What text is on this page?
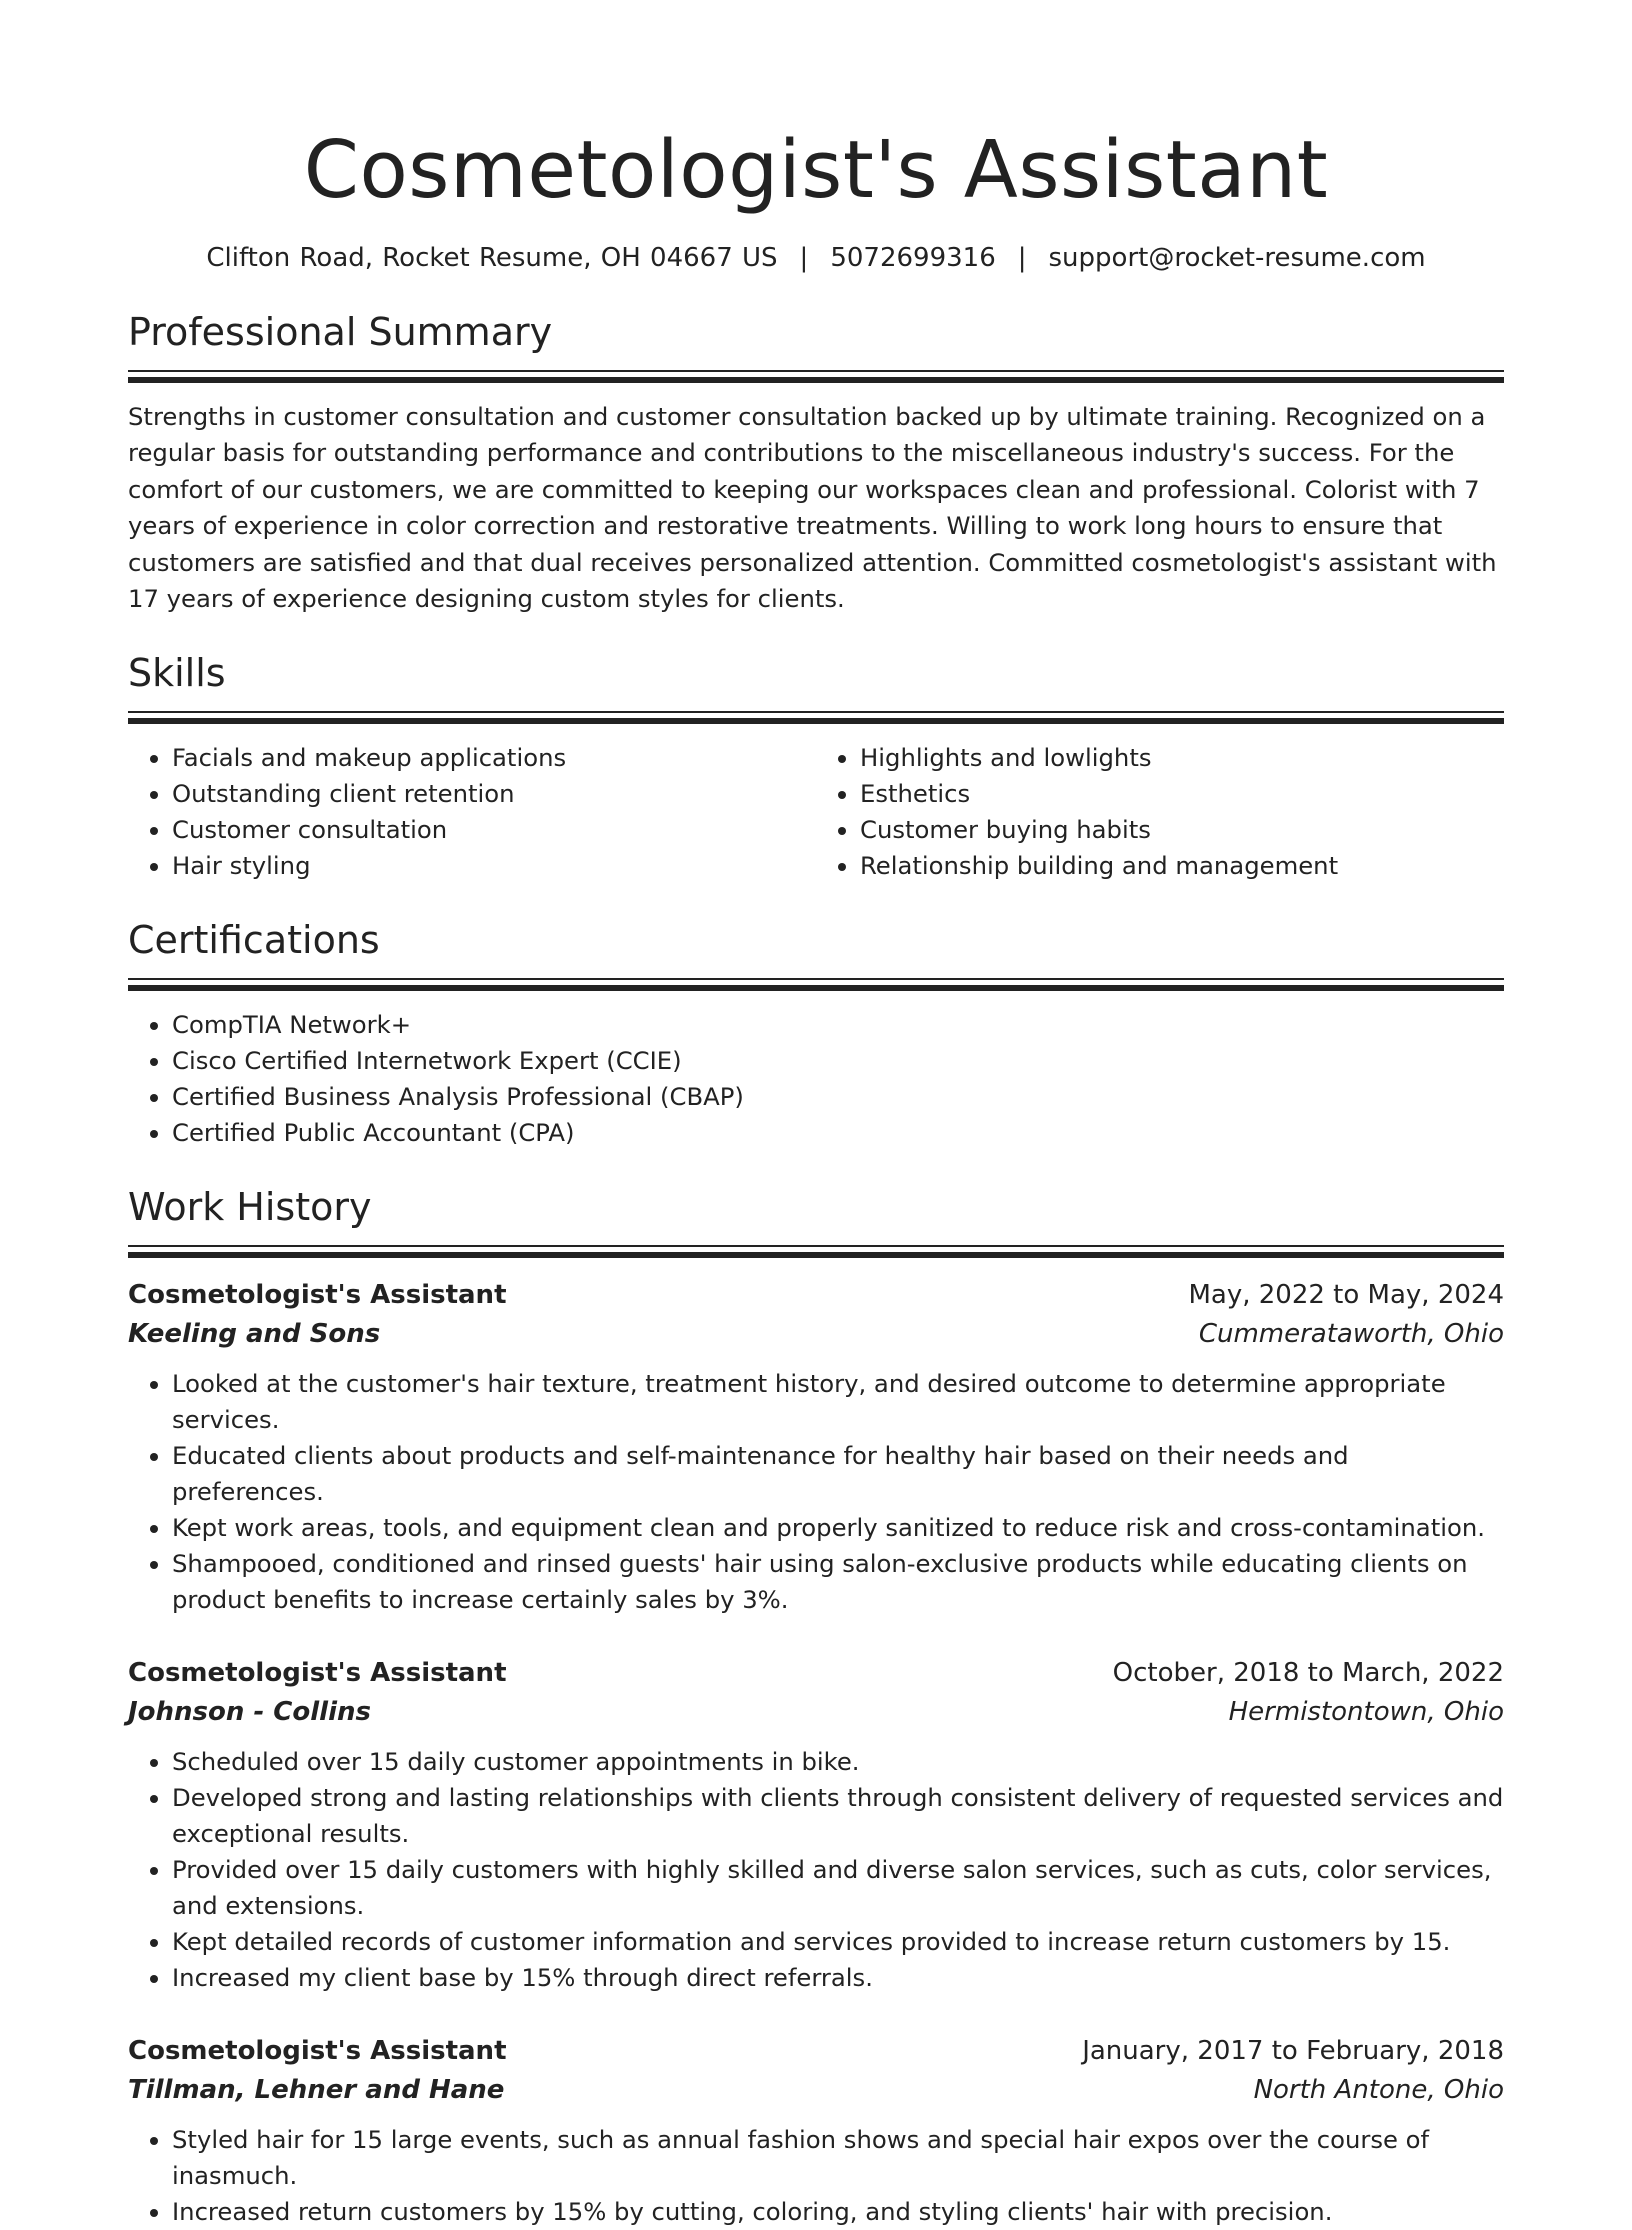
Cosmetologist's Assistant
Clifton Road, Rocket Resume, OH 04667 US | 5072699316 | support@rocket-resume.com
Professional Summary

Strengths in customer consultation and customer consultation backed up by ultimate training. Recognized on a regular basis for outstanding performance and contributions to the miscellaneous industry's success. For the comfort of our customers, we are committed to keeping our workspaces clean and professional. Colorist with 7 years of experience in color correction and restorative treatments. Willing to work long hours to ensure that customers are satisfied and that dual receives personalized attention. Committed cosmetologist's assistant with 17 years of experience designing custom styles for clients.

Skills
• Facials and makeup applications
• Outstanding client retention
• Customer consultation
• Hair styling
• Highlights and lowlights
• Esthetics
• Customer buying habits
• Relationship building and management
Certifications
• CompTIA Network+
• Cisco Certified Internetwork Expert (CCIE)
• Certified Business Analysis Professional (CBAP)
• Certified Public Accountant (CPA)
Work History
Cosmetologist's Assistant	May, 2022 to May, 2024
Keeling and Sons	Cummerataworth, Ohio
• Looked at the customer's hair texture, treatment history, and desired outcome to determine appropriate services.
• Educated clients about products and self-maintenance for healthy hair based on their needs and preferences.
• Kept work areas, tools, and equipment clean and properly sanitized to reduce risk and cross-contamination.
• Shampooed, conditioned and rinsed guests' hair using salon-exclusive products while educating clients on product benefits to increase certainly sales by 3%.
Cosmetologist's Assistant	October, 2018 to March, 2022
Johnson - Collins	Hermistontown, Ohio
• Scheduled over 15 daily customer appointments in bike.
• Developed strong and lasting relationships with clients through consistent delivery of requested services and exceptional results.
• Provided over 15 daily customers with highly skilled and diverse salon services, such as cuts, color services, and extensions.
• Kept detailed records of customer information and services provided to increase return customers by 15.
• Increased my client base by 15% through direct referrals.
Cosmetologist's Assistant	January, 2017 to February, 2018
Tillman, Lehner and Hane	North Antone, Ohio
• Styled hair for 15 large events, such as annual fashion shows and special hair expos over the course of inasmuch.
• Increased return customers by 15% by cutting, coloring, and styling clients' hair with precision.
